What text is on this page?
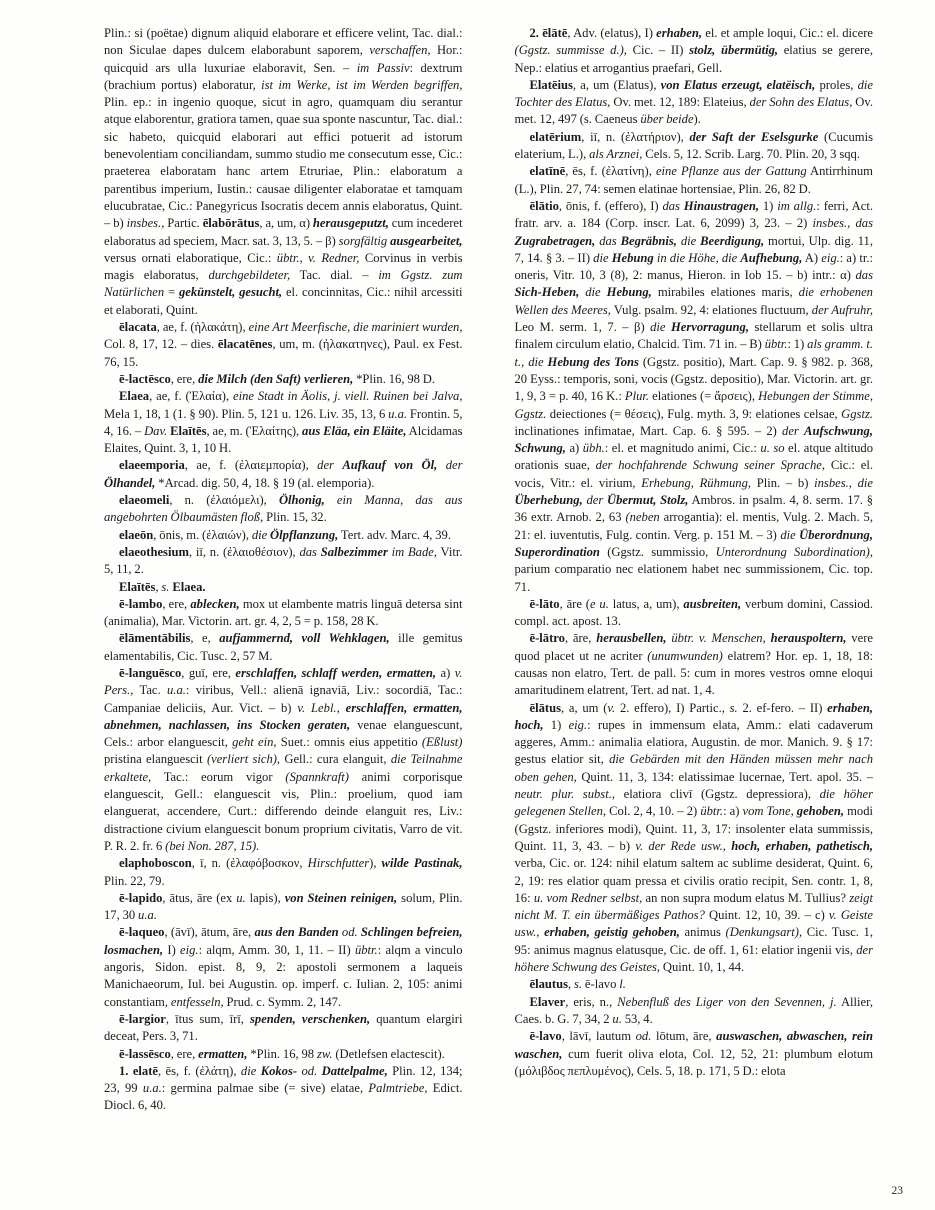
Plin.: si (poëtae) dignum aliquid elaborare et efficere velint, Tac. dial.: non Siculae dapes dulcem elaborabunt saporem, verschaffen, Hor.: quicquid ars ulla luxuriae elaboravit, Sen. – im Passiv: dextrum (brachium portus) elaboratur, ist im Werke, ist im Werden begriffen, Plin. ep.: in ingenio quoque, sicut in agro, quamquam diu serantur atque elaborentur, gratiora tamen, quae sua sponte nascuntur, Tac. dial.: sic habeto, quicquid elaborari aut effici potuerit ad istorum benevolentiam conciliandam, summo studio me consecutum esse, Cic.: praeterea elaboratam hanc artem Etruriae, Plin.: elaboratum a parentibus imperium, Iustin.: causae diligenter elaboratae et tamquam elucubratae, Cic.: Panegyricus Isocratis decem annis elaboratus, Quint. – b) insbes., Partic. ēlabōrātus, a, um, α) herausgeputzt, cum incederet elaboratus ad speciem, Macr. sat. 3, 13, 5. – β) sorgfältig ausgearbeitet, versus ornati elaboratique, Cic.: übtr., v. Redner, Corvinus in verbis magis elaboratus, durchgebildeter, Tac. dial. – im Ggstz. zum Natürlichen = gekünstelt, gesucht, el. concinnitas, Cic.: nihil arcessiti et elaborati, Quint.

ēlacata, ae, f. (ἠλακάτη), eine Art Meerfische, die mariniert wurden, Col. 8, 17, 12. – dies. ēlacatēnes, um, m. (ἠλακατηνες), Paul. ex Fest. 76, 15.

ē-lactēsco, ere, die Milch (den Saft) verlieren, *Plin. 16, 98 D.

Elaea, ae, f. (Ἐλαία), eine Stadt in Äolis, j. viell. Ruinen bei Jalva, Mela 1, 18, 1 (1. § 90). Plin. 5, 121 u. 126. Liv. 35, 13, 6 u.a. Frontin. 5, 4, 16. – Dav. Elaītēs, ae, m. (Ἐλαίτης), aus Eläa, ein Eläite, Alcidamas Elaites, Quint. 3, 1, 10 H.

elaeemporia, ae, f. (ἐλαιεμπορία), der Aufkauf von Öl, der Ölhandel, *Arcad. dig. 50, 4, 18. § 19 (al. elemporia).

elaeomeli, n. (ἐλαιόμελι), Ölhonig, ein Manna, das aus angebohrten Ölbaumästen floß, Plin. 15, 32.

elaeōn, ōnis, m. (ἐλαιών), die Ölpflanzung, Tert. adv. Marc. 4, 39.

elaeothesium, iī, n. (ἐλαιοθέσιον), das Salbezimmer im Bade, Vitr. 5, 11, 2.

Elaītēs, s. Elaea.

ē-lambo, ere, ablecken, mox ut elambente matris linguā detersa sint (animalia), Mar. Victorin. art. gr. 4, 2, 5 = p. 158, 28 K.

ēlāmentābilis, e, aufjammernd, voll Wehklagen, ille gemitus elamentabilis, Cic. Tusc. 2, 57 M.

ē-languēsco, guī, ere, erschlaffen, schlaff werden, ermatten, a) v. Pers., Tac. u.a.: viribus, Vell.: alienā ignaviā, Liv.: socordiā, Tac.: Campaniae deliciis, Aur. Vict. – b) v. Lebl., erschlaffen, ermatten, abnehmen, nachlassen, ins Stocken geraten, venae elanguescunt, Cels.: arbor elanguescit, geht ein, Suet.: omnis eius appetitio (Eßlust) pristina elanguescit (verliert sich), Gell.: cura elanguit, die Teilnahme erkaltete, Tac.: eorum vigor (Spannkraft) animi corporisque elanguescit, Gell.: elanguescit vis, Plin.: proelium, quod iam elanguerat, accendere, Curt.: differendo deinde elanguit res, Liv.: distractione civium elanguescit bonum proprium civitatis, Varro de vit. P. R. 2. fr. 6 (bei Non. 287, 15).

elaphoboscon, ī, n. (ἐλαφόβοσκον, Hirschfutter), wilde Pastinak, Plin. 22, 79.

ē-lapido, ātus, āre (ex u. lapis), von Steinen reinigen, solum, Plin. 17, 30 u.a.

ē-laqueo, (āvī), ātum, āre, aus den Banden od. Schlingen befreien, losmachen, I) eig.: alqm, Amm. 30, 1, 11. – II) übtr.: alqm a vinculo angoris, Sidon. epist. 8, 9, 2: apostoli sermonem a laqueis Manichaeorum, Iul. bei Augustin. op. imperf. c. Iulian. 2, 105: animi constantiam, entfesseln, Prud. c. Symm. 2, 147.

ē-largior, ītus sum, īrī, spenden, verschenken, quantum elargiri deceat, Pers. 3, 71.

ē-lassēsco, ere, ermatten, *Plin. 16, 98 zw. (Detlefsen elactescit).

1. elatē, ēs, f. (ἐλάτη), die Kokos- od. Dattelpalme, Plin. 12, 134; 23, 99 u.a.: germina palmae sibe (= sive) elatae, Palmtriebe, Edict. Diocl. 6, 40.

2. ēlātē, Adv. (elatus), I) erhaben, el. et ample loqui, Cic.: el. dicere (Ggstz. summisse d.), Cic. – II) stolz, übermütig, elatius se gerere, Nep.: elatius et arrogantius praefari, Gell.

Elatēius, a, um (Elatus), von Elatus erzeugt, elatëisch, proles, die Tochter des Elatus, Ov. met. 12, 189: Elateius, der Sohn des Elatus, Ov. met. 12, 497 (s. Caeneus über beide).

elatērium, iī, n. (ἐλατήριον), der Saft der Eselsgurke (Cucumis elaterium, L.), als Arznei, Cels. 5, 12. Scrib. Larg. 70. Plin. 20, 3 sqq.

elatīnē, ēs, f. (ἐλατίνη), eine Pflanze aus der Gattung Antirrhinum (L.), Plin. 27, 74: semen elatinae hortensiae, Plin. 26, 82 D.

ēlātio, ōnis, f. (effero), I) das Hinaustragen, 1) im allg.: ferri, Act. fratr. arv. a. 184 (Corp. inscr. Lat. 6, 2099) 3, 23. – 2) insbes., das Zugrabetragen, das Begräbnis, die Beerdigung, mortui, Ulp. dig. 11, 7, 14. § 3. – II) die Hebung in die Höhe, die Aufhebung, A) eig.: a) tr.: oneris, Vitr. 10, 3 (8), 2: manus, Hieron. in Iob 15. – b) intr.: α) das Sich-Heben, die Hebung, mirabiles elationes maris, die erhobenen Wellen des Meeres, Vulg. psalm. 92, 4: elationes fluctuum, der Aufruhr, Leo M. serm. 1, 7. – β) die Hervorragung, stellarum et solis ultra finalem circulum elatio, Chalcid. Tim. 71 in. – B) übtr.: 1) als gramm. t. t., die Hebung des Tons (Ggstz. positio), Mart. Cap. 9. § 982. p. 368, 20 Eyss.: temporis, soni, vocis (Ggstz. depositio), Mar. Victorin. art. gr. 1, 9, 3 = p. 40, 16 K.: Plur. elationes (= ἄρσεις), Hebungen der Stimme, Ggstz. deiectiones (= θέσεις), Fulg. myth. 3, 9: elationes celsae, Ggstz. inclinationes infimatae, Mart. Cap. 6. § 595. – 2) der Aufschwung, Schwung, a) übh.: el. et magnitudo animi, Cic.: u. so el. atque altitudo orationis suae, der hochfahrende Schwung seiner Sprache, Cic.: el. vocis, Vitr.: el. virium, Erhebung, Rühmung, Plin. – b) insbes., die Überhebung, der Übermut, Stolz, Ambros. in psalm. 4, 8. serm. 17. § 36 extr. Arnob. 2, 63 (neben arrogantia): el. mentis, Vulg. 2. Mach. 5, 21: el. iuventutis, Fulg. contin. Verg. p. 151 M. – 3) die Überordnung, Superordination (Ggstz. summissio, Unterordnung Subordination), parium comparatio nec elationem habet nec summissionem, Cic. top. 71.

ē-lāto, āre (e u. latus, a, um), ausbreiten, verbum domini, Cassiod. compl. act. apost. 13.

ē-lātro, āre, herausbellen, übtr. v. Menschen, herauspoltern, vere quod placet ut ne acriter (unumwunden) elatrem? Hor. ep. 1, 18, 18: causas non elatro, Tert. de pall. 5: cum in mores vestros omne eloqui amaritudinem elatrent, Tert. ad nat. 1, 4.

ēlātus, a, um (v. 2. effero), I) Partic., s. 2. ef-fero. – II) erhaben, hoch, 1) eig.: rupes in immensum elata, Amm.: elati cadaverum aggeres, Amm.: animalia elatiora, Augustin. de mor. Manich. 9. § 17: gestus elatior sit, die Gebärden mit den Händen müssen mehr nach oben gehen, Quint. 11, 3, 134: elatissimae lucernae, Tert. apol. 35. – neutr. plur. subst., elatiora clivī (Ggstz. depressiora), die höher gelegenen Stellen, Col. 2, 4, 10. – 2) übtr.: a) vom Tone, gehoben, modi (Ggstz. inferiores modi), Quint. 11, 3, 17: insolenter elata summissis, Quint. 11, 3, 43. – b) v. der Rede usw., hoch, erhaben, pathetisch, verba, Cic. or. 124: nihil elatum saltem ac sublime desiderat, Quint. 6, 2, 19: res elatior quam pressa et civilis oratio recipit, Sen. contr. 1, 8, 16: u. vom Redner selbst, an non supra modum elatus M. Tullius? zeigt nicht M. T. ein übermäßiges Pathos? Quint. 12, 10, 39. – c) v. Geiste usw., erhaben, geistig gehoben, animus (Denkungsart), Cic. Tusc. 1, 95: animus magnus elatusque, Cic. de off. 1, 61: elatior ingenii vis, der höhere Schwung des Geistes, Quint. 10, 1, 44.

ēlautus, s. ē-lavo l.

Elaver, eris, n., Nebenfluß des Liger von den Sevennen, j. Allier, Caes. b. G. 7, 34, 2 u. 53, 4.

ē-lavo, lāvī, lautum od. lōtum, āre, auswaschen, abwaschen, rein waschen, cum fuerit oliva elota, Col. 12, 52, 21: plumbum elotum (μόλιβδος πεπλυμένος), Cels. 5, 18. p. 171, 5 D.: elota

23
